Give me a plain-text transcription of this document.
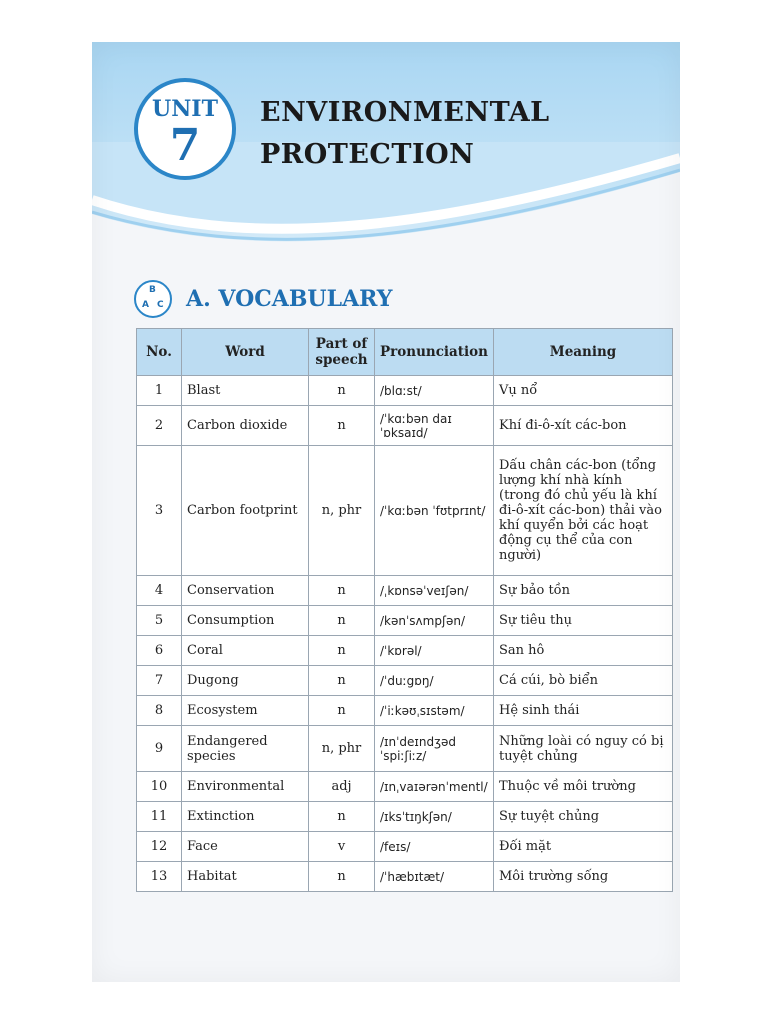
UNIT
7
ENVIRONMENTAL
PROTECTION
B
A C A. VOCABULARY
No.	Word	Part of speech	Pronunciation	Meaning
1	Blast	n	/blɑːst/	Vụ nổ
2	Carbon dioxide	n	/ˈkɑːbən daɪˈɒksaɪd/	Khí đi-ô-xít các-bon
3	Carbon footprint	n, phr	/ˈkɑːbən ˈfʊtprɪnt/	Dấu chân các-bon (tổng lượng khí nhà kính (trong đó chủ yếu là khí đi-ô-xít các-bon) thải vào khí quyển bởi các hoạt động cụ thể của con người)
4	Conservation	n	/ˌkɒnsəˈveɪʃən/	Sự bảo tồn
5	Consumption	n	/kənˈsʌmpʃən/	Sự tiêu thụ
6	Coral	n	/ˈkɒrəl/	San hô
7	Dugong	n	/ˈduːgɒŋ/	Cá cúi, bò biển
8	Ecosystem	n	/ˈiːkəʊˌsɪstəm/	Hệ sinh thái
9	Endangered species	n, phr	/ɪnˈdeɪndʒəd ˈspiːʃiːz/	Những loài có nguy có bị tuyệt chủng
10	Environmental	adj	/ɪnˌvaɪərənˈmentl/	Thuộc về môi trường
11	Extinction	n	/ɪksˈtɪŋkʃən/	Sự tuyệt chủng
12	Face	v	/feɪs/	Đối mặt
13	Habitat	n	/ˈhæbɪtæt/	Môi trường sống
